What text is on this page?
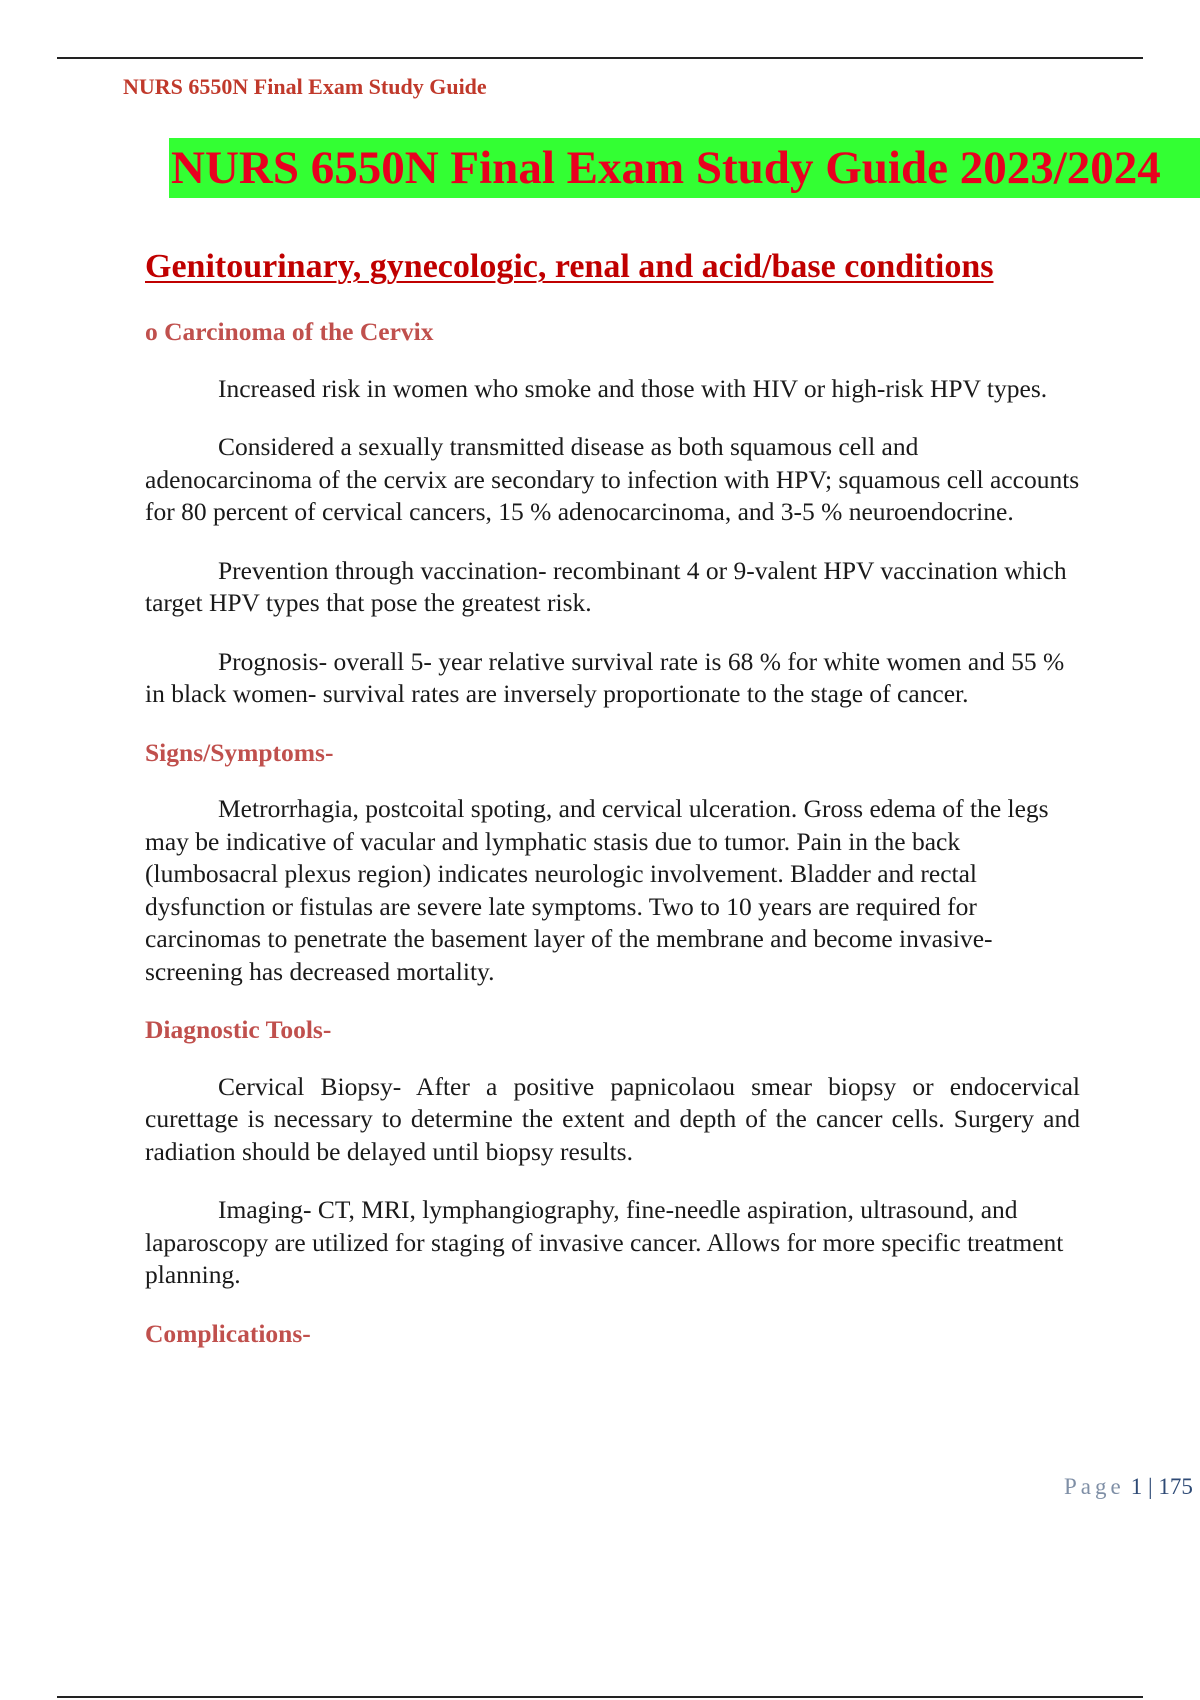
NURS 6550N Final Exam Study Guide
NURS 6550N Final Exam Study Guide 2023/2024
Genitourinary, gynecologic, renal and acid/base conditions

o Carcinoma of the Cervix

Increased risk in women who smoke and those with HIV or high-risk HPV types.

Considered a sexually transmitted disease as both squamous cell and adenocarcinoma of the cervix are secondary to infection with HPV; squamous cell accounts for 80 percent of cervical cancers, 15 % adenocarcinoma, and 3-5 % neuroendocrine.

Prevention through vaccination- recombinant 4 or 9-valent HPV vaccination which target HPV types that pose the greatest risk.

Prognosis- overall 5- year relative survival rate is 68 % for white women and 55 % in black women- survival rates are inversely proportionate to the stage of cancer.

Signs/Symptoms-

Metrorrhagia, postcoital spoting, and cervical ulceration. Gross edema of the legs may be indicative of vacular and lymphatic stasis due to tumor. Pain in the back (lumbosacral plexus region) indicates neurologic involvement. Bladder and rectal dysfunction or fistulas are severe late symptoms. Two to 10 years are required for carcinomas to penetrate the basement layer of the membrane and become invasive- screening has decreased mortality.

Diagnostic Tools-

Cervical Biopsy- After a positive papnicolaou smear biopsy or endocervical curettage is necessary to determine the extent and depth of the cancer cells. Surgery and radiation should be delayed until biopsy results.

Imaging- CT, MRI, lymphangiography, fine-needle aspiration, ultrasound, and laparoscopy are utilized for staging of invasive cancer. Allows for more specific treatment planning.

Complications-

Page 1 | 175
